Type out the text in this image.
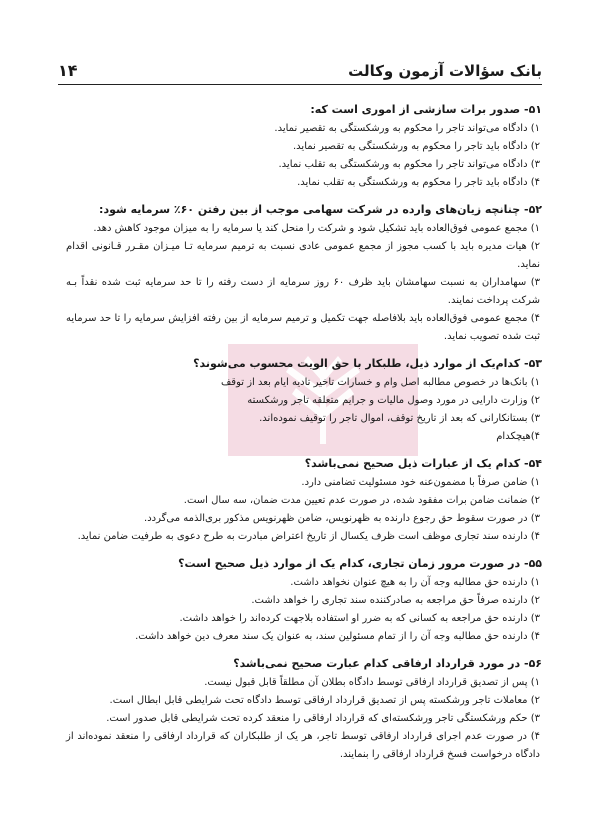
بانک سؤالات آزمون وکالت
۱۴
۵۱- صدور برات سازشی از اموری است که:
۱) دادگاه می‌تواند تاجر را محکوم به ورشکستگی به تقصیر نماید.
۲) دادگاه باید تاجر را محکوم به ورشکستگی به تقصیر نماید.
۳) دادگاه می‌تواند تاجر را محکوم به ورشکستگی به تقلب نماید.
۴) دادگاه باید تاجر را محکوم به ورشکستگی به تقلب نماید.
۵۲- چنانچه زیان‌های وارده در شرکت سهامی موجب از بین رفتن ۶۰٪ سرمایه شود:
۱) مجمع عمومی فوق‌العاده باید تشکیل شود و شرکت را منحل کند یا سرمایه را به میزان موجود کاهش دهد.
۲) هیات مدیره باید با کسب مجوز از مجمع عمومی عادی نسبت به ترمیم سرمایه تـا میـزان مقـرر قـانونی اقدام نماید.
۳) سهامداران به نسبت سهامشان باید ظرف ۶۰ روز سرمایه از دست رفته را تا حد سرمایه ثبت شده نقداً بـه شرکت پرداخت نمایند.
۴) مجمع عمومی فوق‌العاده باید بلافاصله جهت تکمیل و ترمیم سرمایه از بین رفته افزایش سرمایه را تا حد سرمایه ثبت شده تصویب نماید.
۵۳- کدام‌یک از موارد ذیل، طلبکار با حق الویت محسوب می‌شوند؟
۱) بانک‌ها در خصوص مطالبه اصل وام و خسارات تاخیر تادیه ایام بعد از توقف
۲) وزارت دارایی در مورد وصول مالیات و جرایم متعلقه تاجر ورشکسته
۳) بستانکارانی که بعد از تاریخ توقف، اموال تاجر را توقیف نموده‌اند.
۴)هیچکدام
۵۴- کدام یک از عبارات ذیل صحیح نمی‌باشد؟
۱) ضامن صرفاً با مضمون‌عنه خود مسئولیت تضامنی دارد.
۲) ضمانت ضامن برات مفقود شده، در صورت عدم تعیین مدت ضمان، سه سال است.
۳) در صورت سقوط حق رجوع دارنده به ظهرنویس، ضامن ظهرنویس مذکور بری‌الذمه می‌گردد.
۴) دارنده سند تجاری موظف است ظرف یکسال از تاریخ اعتراض مبادرت به طرح دعوی به طرفیت ضامن نماید.
۵۵- در صورت مرور زمان تجاری، کدام یک از موارد ذیل صحیح است؟
۱) دارنده حق مطالبه وجه آن را به هیچ عنوان نخواهد داشت.
۲) دارنده صرفاً حق مراجعه به صادرکننده سند تجاری را خواهد داشت.
۳) دارنده حق مراجعه به کسانی که به ضرر او استفاده بلاجهت کرده‌اند را خواهد داشت.
۴) دارنده حق مطالبه وجه آن را از تمام مسئولین سند، به عنوان یک سند معرف دین خواهد داشت.
۵۶- در مورد قرارداد ارفاقی کدام عبارت صحیح نمی‌باشد؟
۱) پس از تصدیق قرارداد ارفاقی توسط دادگاه بطلان آن مطلقاً قابل قبول نیست.
۲) معاملات تاجر ورشکسته پس از تصدیق قرارداد ارفاقی توسط دادگاه تحت شرایطی قابل ابطال است.
۳) حکم ورشکستگی تاجر ورشکسته‌ای که قرارداد ارفاقی را منعقد کرده تحت شرایطی قابل صدور است.
۴) در صورت عدم اجرای قرارداد ارفاقی توسط تاجر، هر یک از طلبکاران که قرارداد ارفاقی را منعقد نموده‌اند از دادگاه درخواست فسخ قرارداد ارفاقی را بنمایند.
